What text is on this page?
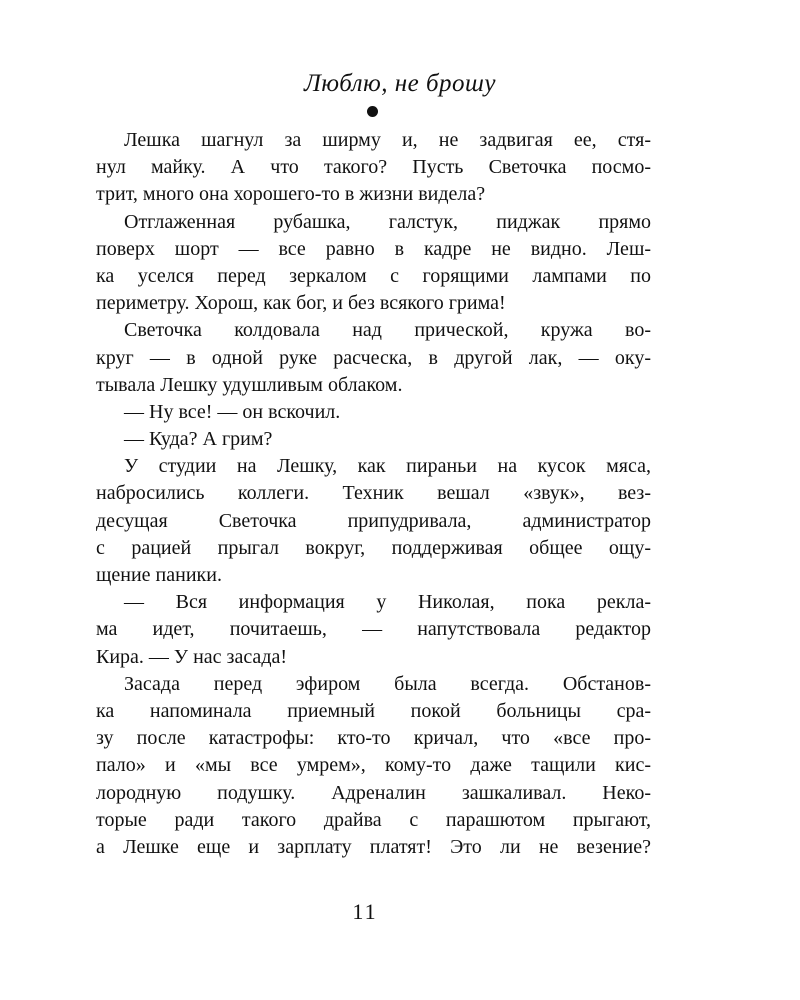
Люблю, не брошу
Лешка шагнул за ширму и, не задвигая ее, стя-
нул майку. А что такого? Пусть Светочка посмо-
трит, много она хорошего-то в жизни видела?
Отглаженная рубашка, галстук, пиджак прямо
поверх шорт — все равно в кадре не видно. Леш-
ка уселся перед зеркалом с горящими лампами по
периметру. Хорош, как бог, и без всякого грима!
Светочка колдовала над прической, кружа во-
круг — в одной руке расческа, в другой лак, — оку-
тывала Лешку удушливым облаком.
— Ну все! — он вскочил.
— Куда? А грим?
У студии на Лешку, как пираньи на кусок мяса,
набросились коллеги. Техник вешал «звук», вез-
десущая Светочка припудривала, администратор
с рацией прыгал вокруг, поддерживая общее ощу-
щение паники.
— Вся информация у Николая, пока рекла-
ма идет, почитаешь, — напутствовала редактор
Кира. — У нас засада!
Засада перед эфиром была всегда. Обстанов-
ка напоминала приемный покой больницы сра-
зу после катастрофы: кто-то кричал, что «все про-
пало» и «мы все умрем», кому-то даже тащили кис-
лородную подушку. Адреналин зашкаливал. Неко-
торые ради такого драйва с парашютом прыгают,
а Лешке еще и зарплату платят! Это ли не везение?
11
